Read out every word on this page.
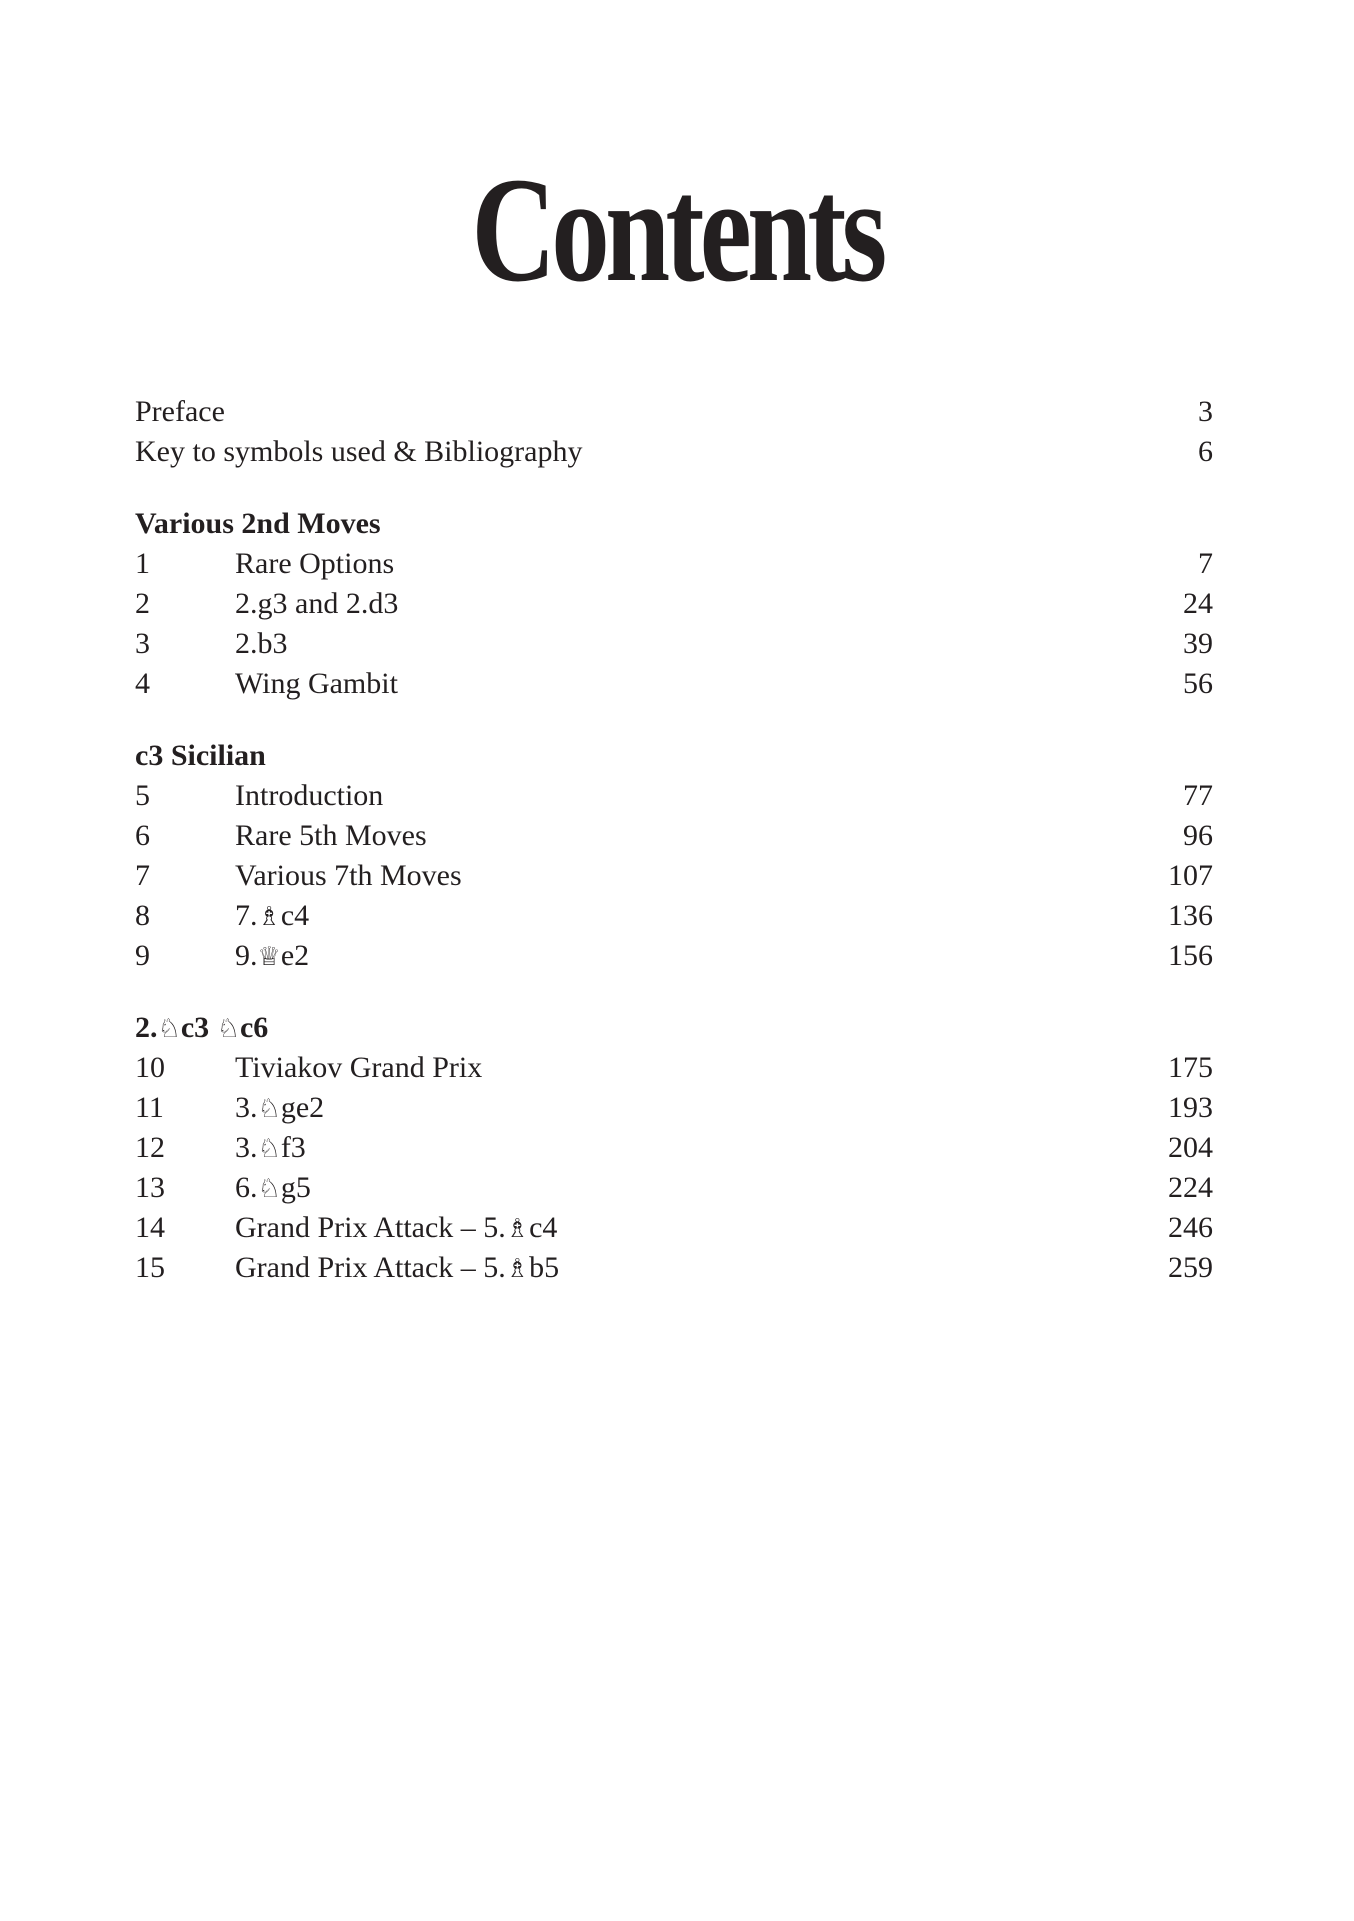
Contents
Preface	3
Key to symbols used & Bibliography	6
Various 2nd Moves
1	Rare Options	7
2	2.g3 and 2.d3	24
3	2.b3	39
4	Wing Gambit	56
c3 Sicilian
5	Introduction	77
6	Rare 5th Moves	96
7	Various 7th Moves	107
8	7.♗c4	136
9	9.♕e2	156
2.♘c3 ♘c6
10 Tiviakov Grand Prix	175
11 3.♘ge2	193
12 3.♘f3	204
13 6.♘g5	224
14 Grand Prix Attack – 5.♗c4	246
15 Grand Prix Attack – 5.♗b5	259
